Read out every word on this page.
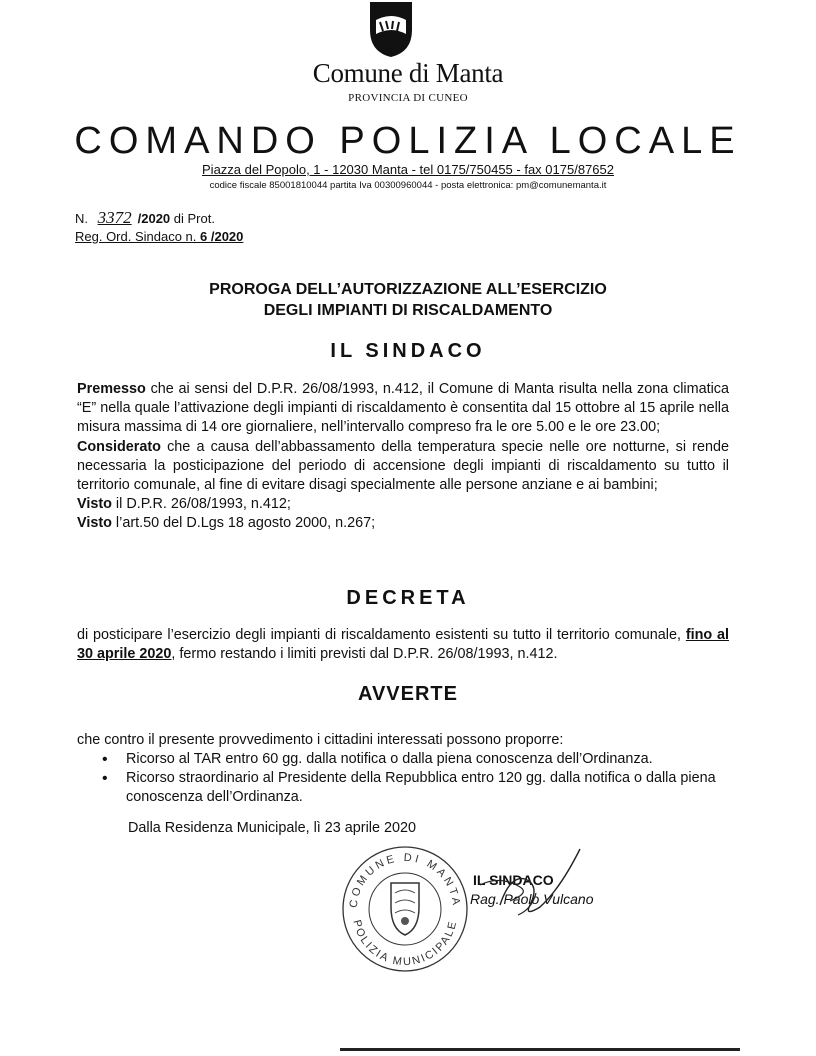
Comune di Manta
PROVINCIA DI CUNEO
COMANDO POLIZIA LOCALE
Piazza del Popolo, 1 - 12030 Manta - tel 0175/750455 - fax 0175/87652
codice fiscale 85001810044 partita Iva 00300960044 - posta elettronica: pm@comunemanta.it
N. 3372 /2020 di Prot.
Reg. Ord. Sindaco n. 6 /2020
PROROGA DELL’AUTORIZZAZIONE ALL’ESERCIZIO
DEGLI IMPIANTI DI RISCALDAMENTO
IL SINDACO

Premesso che ai sensi del D.P.R. 26/08/1993, n.412, il Comune di Manta risulta nella zona climatica “E” nella quale l’attivazione degli impianti di riscaldamento è consentita dal 15 ottobre al 15 aprile nella misura massima di 14 ore giornaliere, nell’intervallo compreso fra le ore 5.00 e le ore 23.00;

Considerato che a causa dell’abbassamento della temperatura specie nelle ore notturne, si rende necessaria la posticipazione del periodo di accensione degli impianti di riscaldamento su tutto il territorio comunale, al fine di evitare disagi specialmente alle persone anziane e ai bambini;

Visto il D.P.R. 26/08/1993, n.412;

Visto l’art.50 del D.Lgs 18 agosto 2000, n.267;

DECRETA
di posticipare l’esercizio degli impianti di riscaldamento esistenti su tutto il territorio comunale, fino al 30 aprile 2020, fermo restando i limiti previsti dal D.P.R. 26/08/1993, n.412.
AVVERTE
che contro il presente provvedimento i cittadini interessati possono proporre:
• Ricorso al TAR entro 60 gg. dalla notifica o dalla piena conoscenza dell’Ordinanza.
• Ricorso straordinario al Presidente della Repubblica entro 120 gg. dalla notifica o dalla piena conoscenza dell’Ordinanza.
Dalla Residenza Municipale, lì 23 aprile 2020
COMUNE DI MANTA
POLIZIA MUNICIPALE
IL SINDACO
Rag. Paolo Vulcano
